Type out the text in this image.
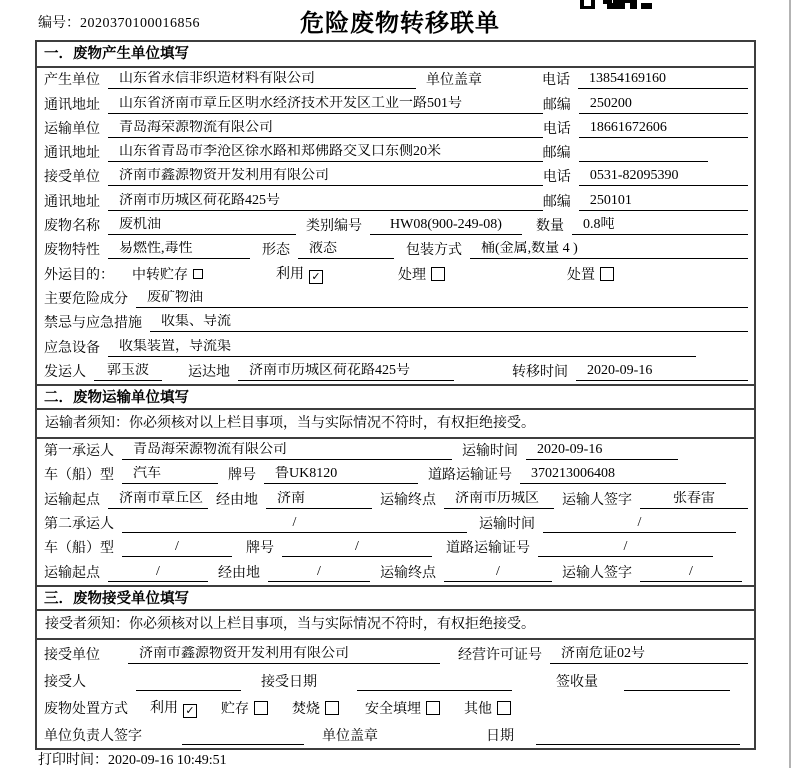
编号：2020370100016856	危险废物转移联单
一．废物产生单位填写
产生单位	山东省永信非织造材料有限公司	单位盖章	电话	13854169160
通讯地址	山东省济南市章丘区明水经济技术开发区工业一路501号	邮编	250200
运输单位	青岛海荣源物流有限公司	电话	18661672606
通讯地址	山东省青岛市李沧区徐水路和郑佛路交叉口东侧20米	邮编
接受单位	济南市鑫源物资开发利用有限公司	电话	0531-82095390
通讯地址	济南市历城区荷花路425号	邮编	250101
废物名称	废机油	类别编号	HW08(900-249-08)	数量	0.8吨
废物特性	易燃性,毒性	形态	液态	包装方式	桶(金属,数量 4 )
外运目的： 中转贮存	利用 ✓	处理	处置
主要危险成分	废矿物油
禁忌与应急措施	收集、导流
应急设备	收集装置，导流渠
发运人	郭玉波	运达地	济南市历城区荷花路425号	转移时间	2020-09-16
二．废物运输单位填写
运输者须知：你必须核对以上栏目事项，当与实际情况不符时，有权拒绝接受。
第一承运人	青岛海荣源物流有限公司	运输时间	2020-09-16
车（船）型	汽车	牌号	鲁UK8120	道路运输证号	370213006408
运输起点	济南市章丘区 经由地	济南	运输终点	济南市历城区	运输人签字	张春雷
第二承运人	/	运输时间	/
车（船）型	/	牌号	/	道路运输证号	/
运输起点	/	经由地	/	运输终点	/	运输人签字	/
三．废物接受单位填写
接受者须知：你必须核对以上栏目事项，当与实际情况不符时，有权拒绝接受。
接受单位	济南市鑫源物资开发利用有限公司	经营许可证号	济南危证02号
接受人	接受日期	签收量
废物处置方式 利用 ✓ 贮存	焚烧	安全填埋	其他
单位负责人签字	单位盖章	日期
打印时间：2020-09-16 10:49:51
